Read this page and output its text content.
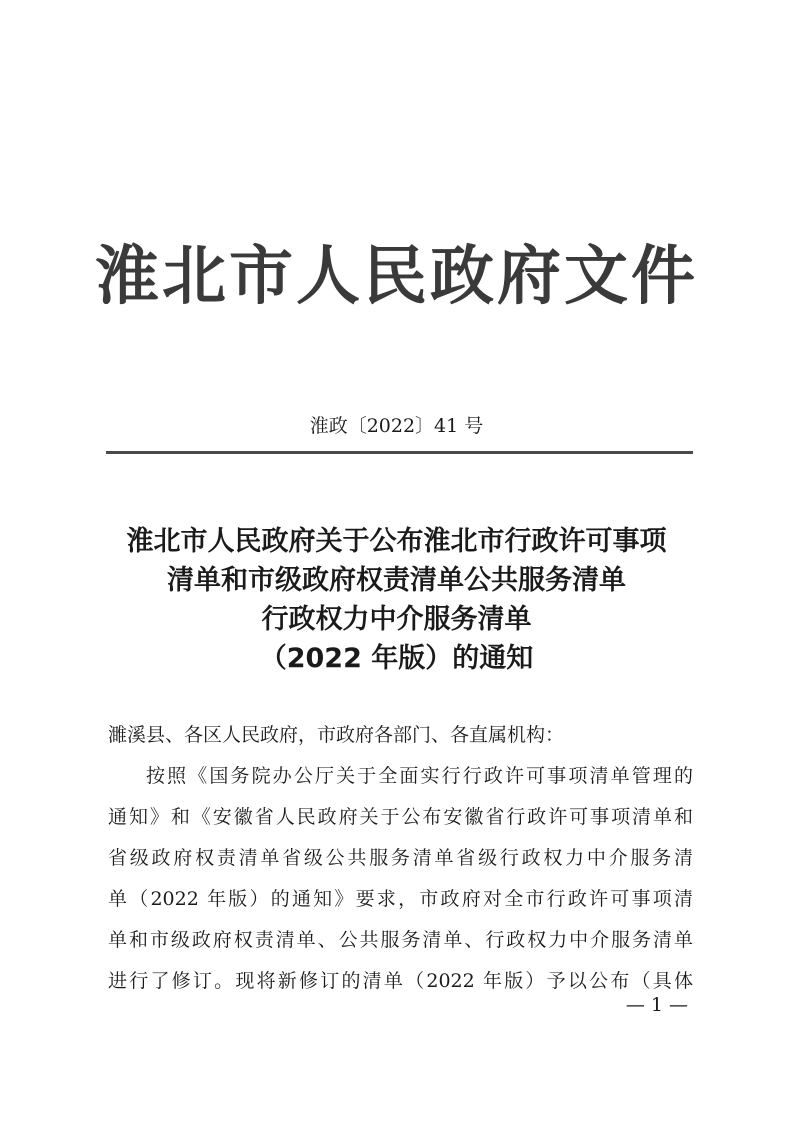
淮北市人民政府文件
淮政〔2022〕41 号
淮北市人民政府关于公布淮北市行政许可事项
清单和市级政府权责清单公共服务清单
行政权力中介服务清单
（2022 年版）的通知
濉溪县、各区人民政府，市政府各部门、各直属机构：
按照《国务院办公厅关于全面实行行政许可事项清单管理的
通知》和《安徽省人民政府关于公布安徽省行政许可事项清单和
省级政府权责清单省级公共服务清单省级行政权力中介服务清
单（2022 年版）的通知》要求，市政府对全市行政许可事项清
单和市级政府权责清单、公共服务清单、行政权力中介服务清单
进行了修订。现将新修订的清单（2022 年版）予以公布（具体
— 1 —
